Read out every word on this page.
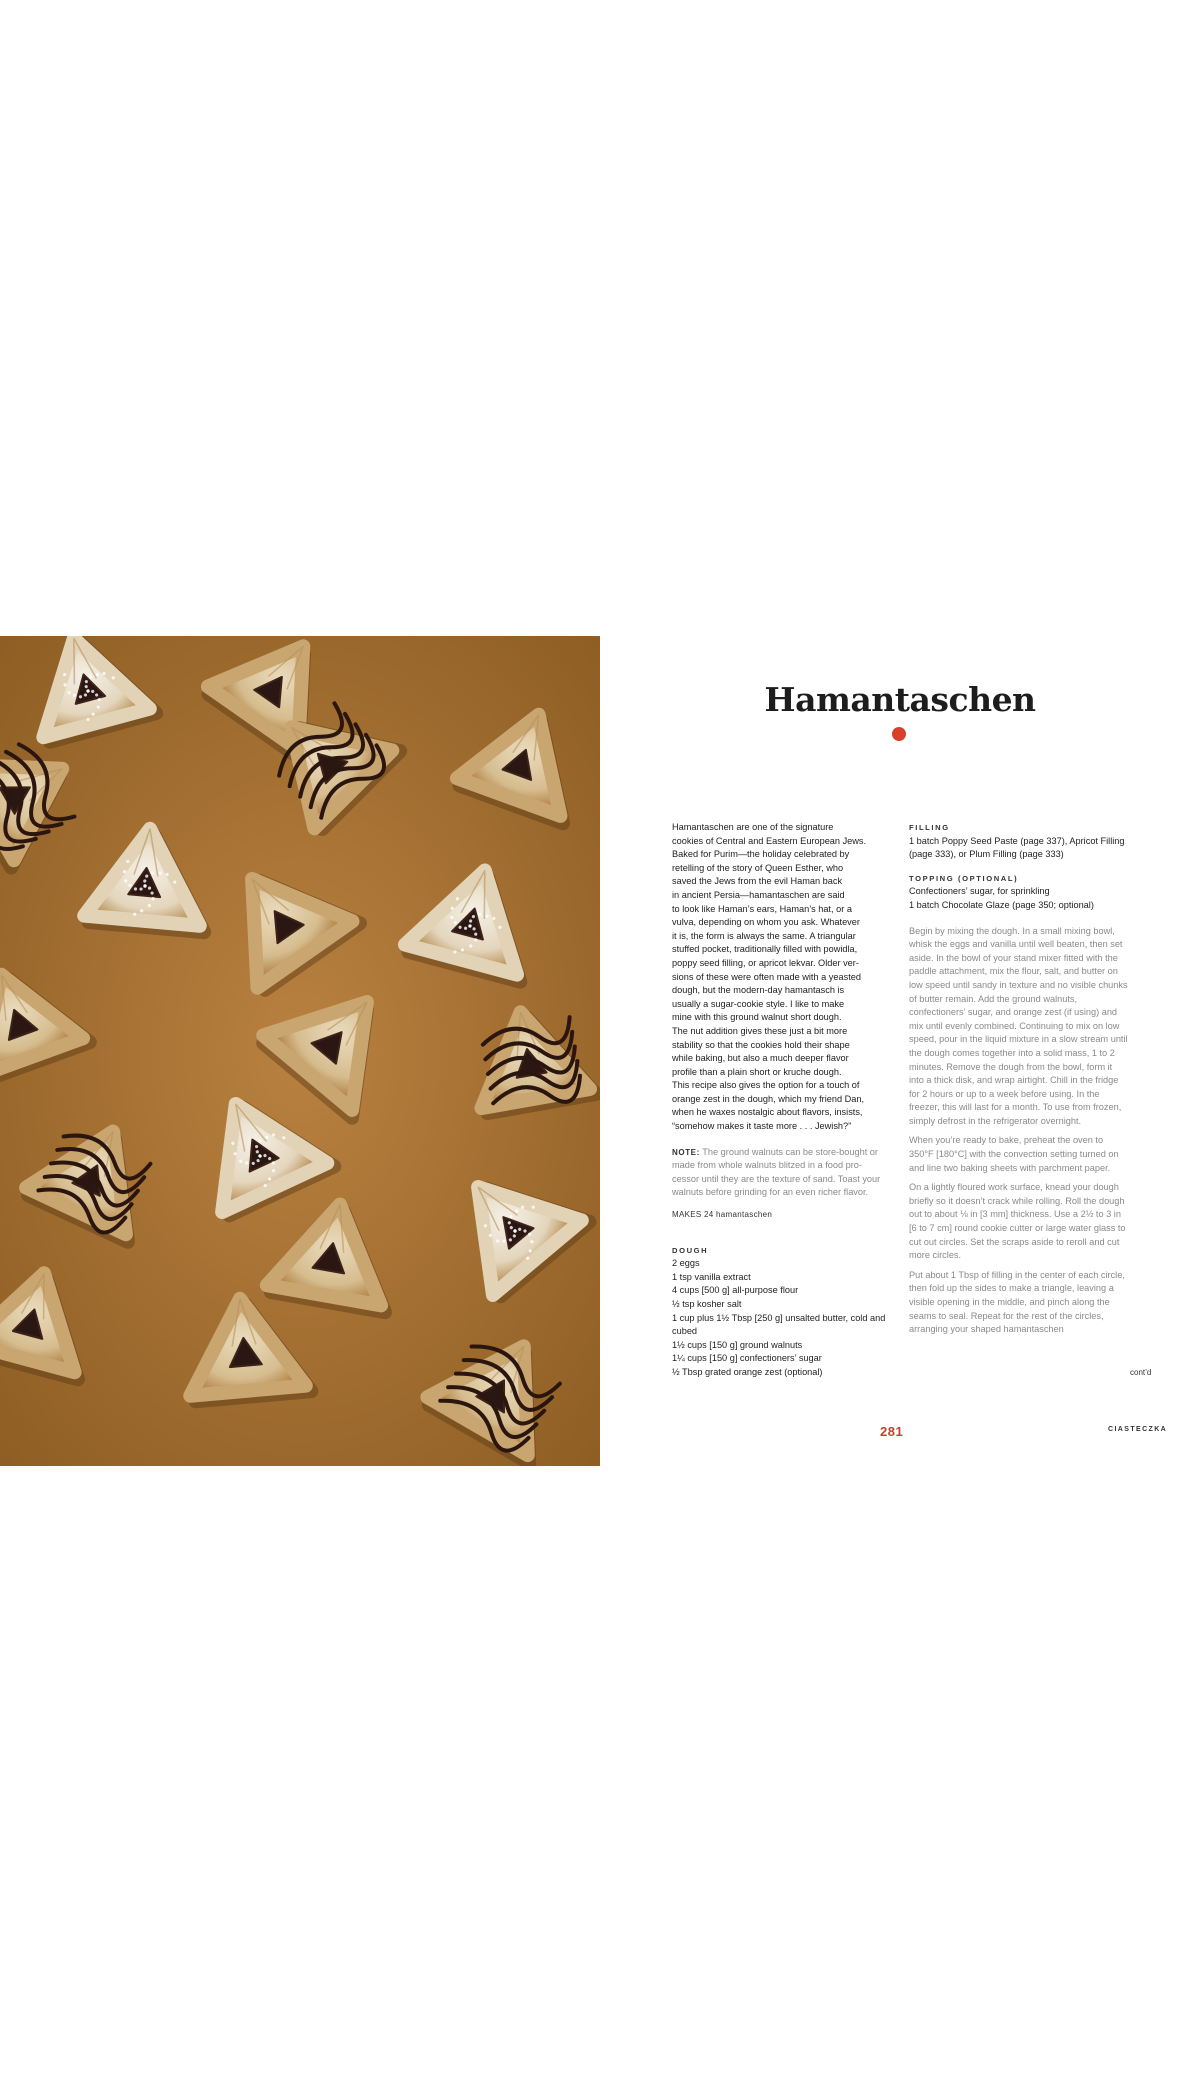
Hamantaschen

Hamantaschen are one of the signature

cookies of Central and Eastern European Jews.

Baked for Purim—the holiday celebrated by

retelling of the story of Queen Esther, who

saved the Jews from the evil Haman back

in ancient Persia—hamantaschen are said

to look like Haman’s ears, Haman’s hat, or a

vulva, depending on whom you ask. Whatever

it is, the form is always the same. A triangular

stuffed pocket, traditionally filled with powidla,

poppy seed filling, or apricot lekvar. Older ver-

sions of these were often made with a yeasted

dough, but the modern-day hamantasch is

usually a sugar-cookie style. I like to make

mine with this ground walnut short dough.

The nut addition gives these just a bit more

stability so that the cookies hold their shape

while baking, but also a much deeper flavor

profile than a plain short or kruche dough.

This recipe also gives the option for a touch of

orange zest in the dough, which my friend Dan,

when he waxes nostalgic about flavors, insists,

“somehow makes it taste more . . . Jewish?”

NOTE: The ground walnuts can be store-bought or made from whole walnuts blitzed in a food pro-cessor until they are the texture of sand. Toast your walnuts before grinding for an even richer flavor.
MAKES 24 hamantaschen

DOUGH

2 eggs
1 tsp vanilla extract
4 cups [500 g] all-purpose flour
½ tsp kosher salt
1 cup plus 1½ Tbsp [250 g] unsalted butter, cold and cubed
1½ cups [150 g] ground walnuts
1¼ cups [150 g] confectioners’ sugar
½ Tbsp grated orange zest (optional)

FILLING

1 batch Poppy Seed Paste (page 337), Apricot Filling (page 333), or Plum Filling (page 333)

TOPPING (OPTIONAL)

Confectioners’ sugar, for sprinkling
1 batch Chocolate Glaze (page 350; optional)

Begin by mixing the dough. In a small mixing bowl, whisk the eggs and vanilla until well beaten, then set aside. In the bowl of your stand mixer fitted with the paddle attachment, mix the flour, salt, and butter on low speed until sandy in texture and no visible chunks of butter remain. Add the ground walnuts, confectioners’ sugar, and orange zest (if using) and mix until evenly combined. Continuing to mix on low speed, pour in the liquid mixture in a slow stream until the dough comes together into a solid mass, 1 to 2 minutes. Remove the dough from the bowl, form it into a thick disk, and wrap airtight. Chill in the fridge for 2 hours or up to a week before using. In the freezer, this will last for a month. To use from frozen, simply defrost in the refrigerator overnight.

When you’re ready to bake, preheat the oven to 350°F [180°C] with the convection setting turned on and line two baking sheets with parchment paper.

On a lightly floured work surface, knead your dough briefly so it doesn’t crack while rolling. Roll the dough out to about ⅛ in [3 mm] thickness. Use a 2½ to 3 in [6 to 7 cm] round cookie cutter or large water glass to cut out circles. Set the scraps aside to reroll and cut more circles.

Put about 1 Tbsp of filling in the center of each circle, then fold up the sides to make a triangle, leaving a visible opening in the middle, and pinch along the seams to seal. Repeat for the rest of the circles, arranging your shaped hamantaschen

cont’d
281	CIASTECZKA
